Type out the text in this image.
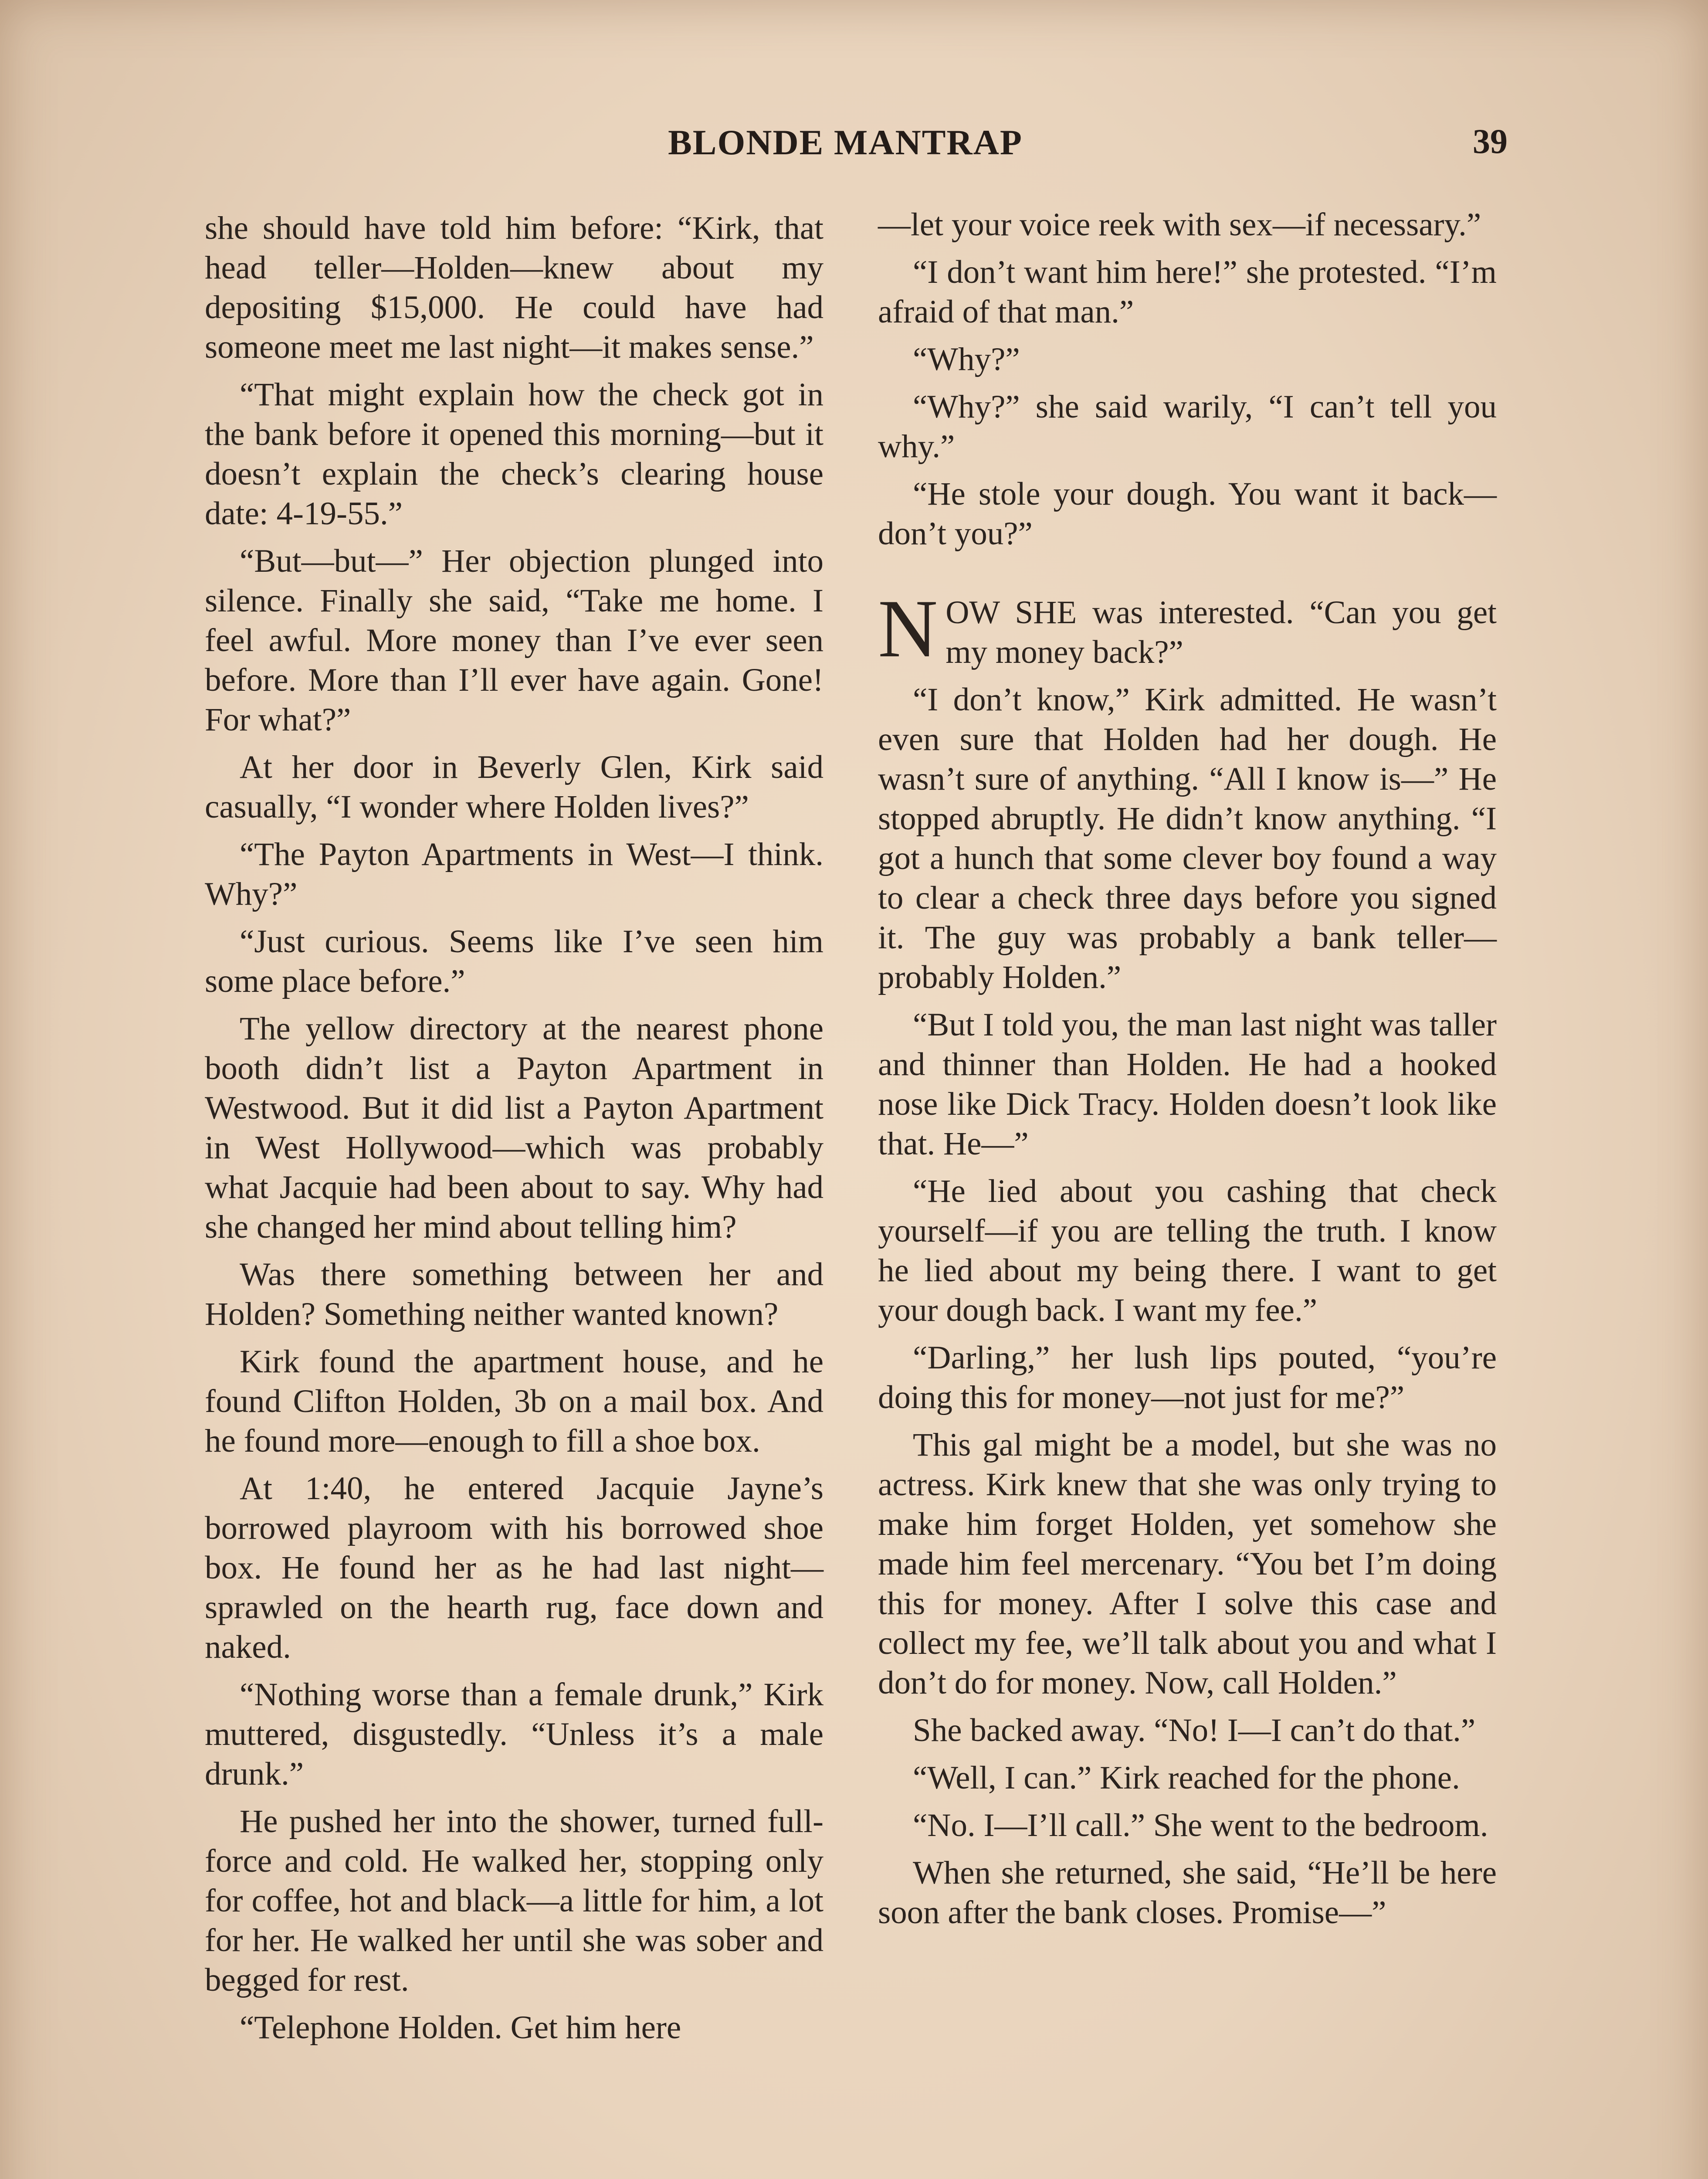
BLONDE MANTRAP	39

she should have told him before: “Kirk, that head teller—Holden—knew about my depositing $15,000. He could have had someone meet me last night—it makes sense.”

“That might explain how the check got in the bank before it opened this morning—but it doesn’t explain the check’s clearing house date: 4-19-55.”

“But—but—” Her objection plunged into silence. Finally she said, “Take me home. I feel awful. More money than I’ve ever seen before. More than I’ll ever have again. Gone! For what?”

At her door in Beverly Glen, Kirk said casually, “I wonder where Holden lives?”

“The Payton Apartments in West—I think. Why?”

“Just curious. Seems like I’ve seen him some place before.”

The yellow directory at the nearest phone booth didn’t list a Payton Apartment in Westwood. But it did list a Payton Apartment in West Hollywood—which was probably what Jacquie had been about to say. Why had she changed her mind about telling him?

Was there something between her and Holden? Something neither wanted known?

Kirk found the apartment house, and he found Clifton Holden, 3b on a mail box. And he found more—enough to fill a shoe box.

At 1:40, he entered Jacquie Jayne’s borrowed playroom with his borrowed shoe box. He found her as he had last night—sprawled on the hearth rug, face down and naked.

“Nothing worse than a female drunk,” Kirk muttered, disgustedly. “Unless it’s a male drunk.”

He pushed her into the shower, turned full-force and cold. He walked her, stopping only for coffee, hot and black—a little for him, a lot for her. He walked her until she was sober and begged for rest.

“Telephone Holden. Get him here

—let your voice reek with sex—if necessary.”

“I don’t want him here!” she protested. “I’m afraid of that man.”

“Why?”

“Why?” she said warily, “I can’t tell you why.”

“He stole your dough. You want it back—don’t you?”

NOW SHE was interested. “Can you get my money back?”

“I don’t know,” Kirk admitted. He wasn’t even sure that Holden had her dough. He wasn’t sure of anything. “All I know is—” He stopped abruptly. He didn’t know anything. “I got a hunch that some clever boy found a way to clear a check three days before you signed it. The guy was probably a bank teller—probably Holden.”

“But I told you, the man last night was taller and thinner than Holden. He had a hooked nose like Dick Tracy. Holden doesn’t look like that. He—”

“He lied about you cashing that check yourself—if you are telling the truth. I know he lied about my being there. I want to get your dough back. I want my fee.”

“Darling,” her lush lips pouted, “you’re doing this for money—not just for me?”

This gal might be a model, but she was no actress. Kirk knew that she was only trying to make him forget Holden, yet somehow she made him feel mercenary. “You bet I’m doing this for money. After I solve this case and collect my fee, we’ll talk about you and what I don’t do for money. Now, call Holden.”

She backed away. “No! I—I can’t do that.”

“Well, I can.” Kirk reached for the phone.

“No. I—I’ll call.” She went to the bedroom.

When she returned, she said, “He’ll be here soon after the bank closes. Promise—”
